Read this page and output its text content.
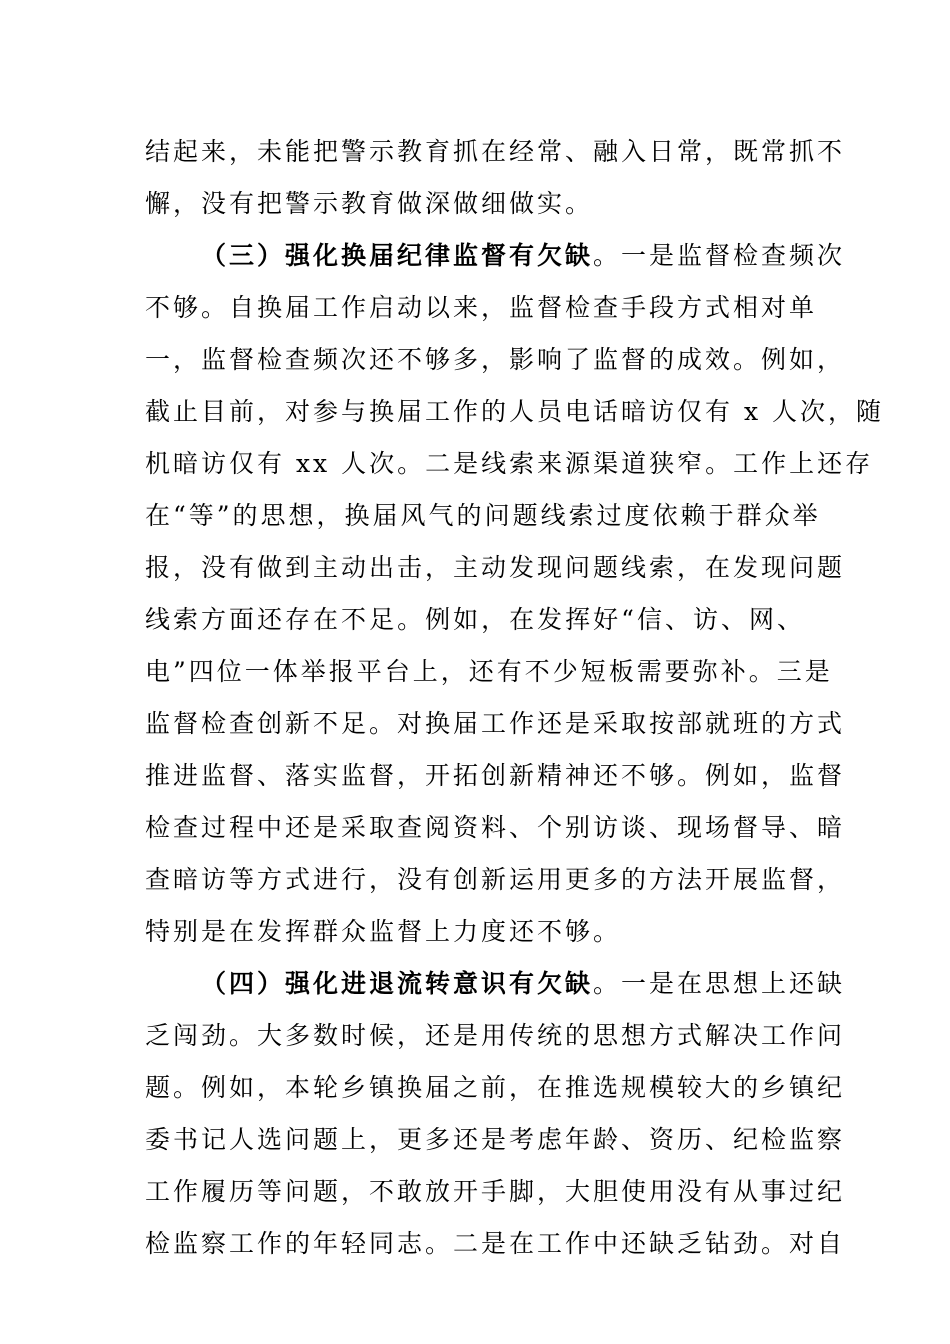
结起来，未能把警示教育抓在经常、融入日常，既常抓不
懈，没有把警示教育做深做细做实。
（三）强化换届纪律监督有欠缺。一是监督检查频次
不够。自换届工作启动以来，监督检查手段方式相对单
一，监督检查频次还不够多，影响了监督的成效。例如，
截止目前，对参与换届工作的人员电话暗访仅有 x 人次，随
机暗访仅有 xx 人次。二是线索来源渠道狭窄。工作上还存
在“等”的思想，换届风气的问题线索过度依赖于群众举
报，没有做到主动出击，主动发现问题线索，在发现问题
线索方面还存在不足。例如，在发挥好“信、访、网、
电”四位一体举报平台上，还有不少短板需要弥补。三是
监督检查创新不足。对换届工作还是采取按部就班的方式
推进监督、落实监督，开拓创新精神还不够。例如，监督
检查过程中还是采取查阅资料、个别访谈、现场督导、暗
查暗访等方式进行，没有创新运用更多的方法开展监督，
特别是在发挥群众监督上力度还不够。
（四）强化进退流转意识有欠缺。一是在思想上还缺
乏闯劲。大多数时候，还是用传统的思想方式解决工作问
题。例如，本轮乡镇换届之前，在推选规模较大的乡镇纪
委书记人选问题上，更多还是考虑年龄、资历、纪检监察
工作履历等问题，不敢放开手脚，大胆使用没有从事过纪
检监察工作的年轻同志。二是在工作中还缺乏钻劲。对自
